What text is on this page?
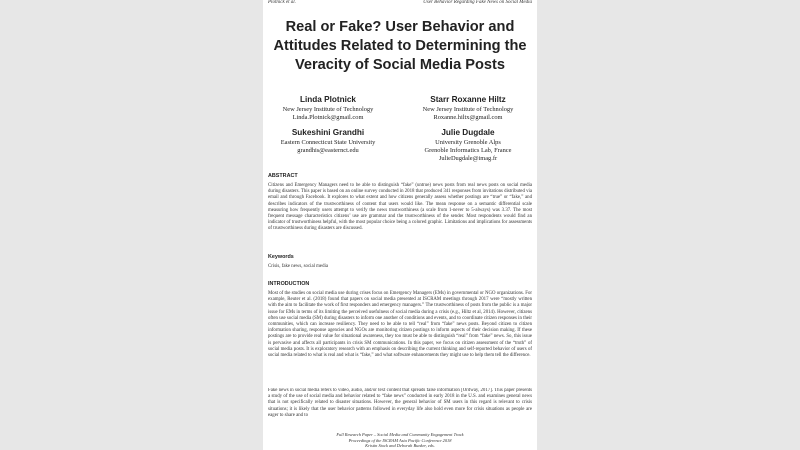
Plotnick et al.	User Behavior Regarding Fake News on Social Media
Real or Fake? User Behavior and
Attitudes Related to Determining the
Veracity of Social Media Posts
Linda Plotnick
New Jersey Institute of Technology
Linda.Plotnick@gmail.com
Starr Roxanne Hiltz
New Jersey Institute of Technology
Roxanne.hiltx@gmail.com
Sukeshini Grandhi
Eastern Connecticut State University
grandhis@easternct.edu
Julie Dugdale
University Grenoble Alps
Grenoble Informatics Lab, France
JulieDugdale@imag.fr
ABSTRACT
Citizens and Emergency Managers need to be able to distinguish “fake” (untrue) news posts from real news posts on social media during disasters. This paper is based on an online survey conducted in 2018 that produced 341 responses from invitations distributed via email and through Facebook. It explores to what extent and how citizens generally assess whether postings are “true” or “fake,” and describes indicators of the trustworthiness of content that users would like. The mean response on a semantic differential scale measuring how frequently users attempt to verify the news trustworthiness (a scale from 1-never to 5-always) was 3.37. The most frequent message characteristics citizens’ use are grammar and the trustworthiness of the sender. Most respondents would find an indicator of trustworthiness helpful, with the most popular choice being a colored graphic. Limitations and implications for assessments of trustworthiness during disasters are discussed.
Keywords
Crisis, fake news, social media
INTRODUCTION
Most of the studies on social media use during crises focus on Emergency Managers (EMs) in governmental or NGO organizations. For example, Reuter et al. (2018) found that papers on social media presented at ISCRAM meetings through 2017 were “mostly written with the aim to facilitate the work of first responders and emergency managers.” The trustworthiness of posts from the public is a major issue for EMs in terms of its limiting the perceived usefulness of social media during a crisis (e.g., Hiltz et al, 2014). However, citizens often use social media (SM) during disasters to inform one another of conditions and events, and to coordinate citizen responses in their communities, which can increase resiliency. They need to be able to tell “real” from “fake” news posts. Beyond citizen to citizen information sharing, response agencies and NGOs are monitoring citizen postings to inform aspects of their decision making. If these postings are to provide real value for situational awareness, they too must be able to distinguish “real” from “fake” news. So, this issue is pervasive and affects all participants in crisis SM communications. In this paper, we focus on citizen assessment of the “truth” of social media posts. It is exploratory research with an emphasis on describing the current thinking and self-reported behavior of users of social media related to what is real and what is “fake,” and what software enhancements they might use to help them tell the difference.
Fake news in social media refers to video, audio, and/or text content that spreads false information [Ordway, 2017]. This paper presents a study of the use of social media and behavior related to “fake news” conducted in early 2018 in the U.S. and examines general news that is not specifically related to disaster situations. However, the general behavior of SM users in this regard is relevant to crisis situations; it is likely that the user behavior patterns followed in everyday life also hold even more for crisis situations as people are eager to share and to
Full Research Paper – Social Media and Community Engagement Track
Proceedings of the ISCRAM Asia Pacific Conference 2018
Kristin Stock and Deborah Bunker, eds.
